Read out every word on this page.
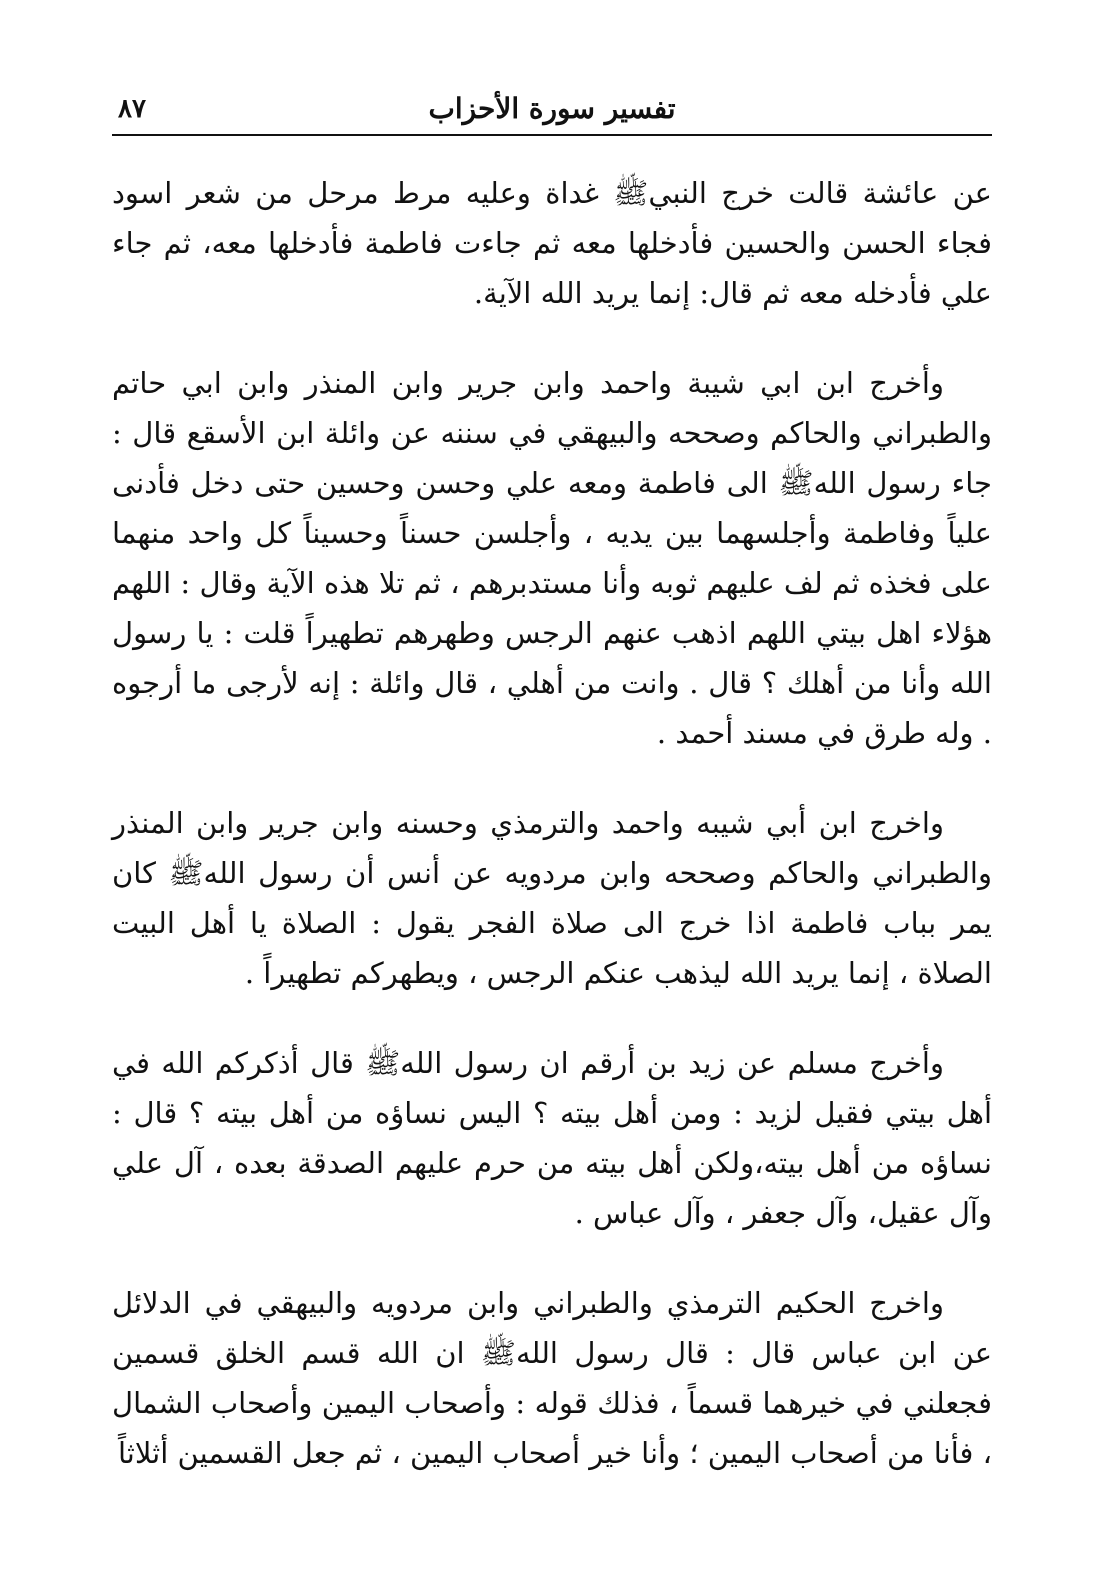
تفسير سورة الأحزاب
٨٧

عن عائشة قالت خرج النبيﷺ غداة وعليه مرط مرحل من شعر اسود فجاء الحسن والحسين فأدخلها معه ثم جاءت فاطمة فأدخلها معه، ثم جاء علي فأدخله معه ثم قال: إنما يريد الله الآية.

وأخرج ابن ابي شيبة واحمد وابن جرير وابن المنذر وابن ابي حاتم والطبراني والحاكم وصححه والبيهقي في سننه عن وائلة ابن الأسقع قال : جاء رسول اللهﷺ الى فاطمة ومعه علي وحسن وحسين حتى دخل فأدنى علياً وفاطمة وأجلسهما بين يديه ، وأجلسن حسناً وحسيناً كل واحد منهما على فخذه ثم لف عليهم ثوبه وأنا مستدبرهم ، ثم تلا هذه الآية وقال : اللهم هؤلاء اهل بيتي اللهم اذهب عنهم الرجس وطهرهم تطهيراً قلت : يا رسول الله وأنا من أهلك ؟ قال . وانت من أهلي ، قال وائلة : إنه لأرجى ما أرجوه . وله طرق في مسند أحمد .

واخرج ابن أبي شيبه واحمد والترمذي وحسنه وابن جرير وابن المنذر والطبراني والحاكم وصححه وابن مردويه عن أنس أن رسول اللهﷺ كان يمر بباب فاطمة اذا خرج الى صلاة الفجر يقول : الصلاة يا أهل البيت الصلاة ، إنما يريد الله ليذهب عنكم الرجس ، ويطهركم تطهيراً .

وأخرج مسلم عن زيد بن أرقم ان رسول اللهﷺ قال أذكركم الله في أهل بيتي فقيل لزيد : ومن أهل بيته ؟ اليس نساؤه من أهل بيته ؟ قال : نساؤه من أهل بيته،ولكن أهل بيته من حرم عليهم الصدقة بعده ، آل علي وآل عقيل، وآل جعفر ، وآل عباس .

واخرج الحكيم الترمذي والطبراني وابن مردويه والبيهقي في الدلائل عن ابن عباس قال : قال رسول اللهﷺ ان الله قسم الخلق قسمين فجعلني في خيرهما قسماً ، فذلك قوله : وأصحاب اليمين وأصحاب الشمال ، فأنا من أصحاب اليمين ؛ وأنا خير أصحاب اليمين ، ثم جعل القسمين أثلاثاً
